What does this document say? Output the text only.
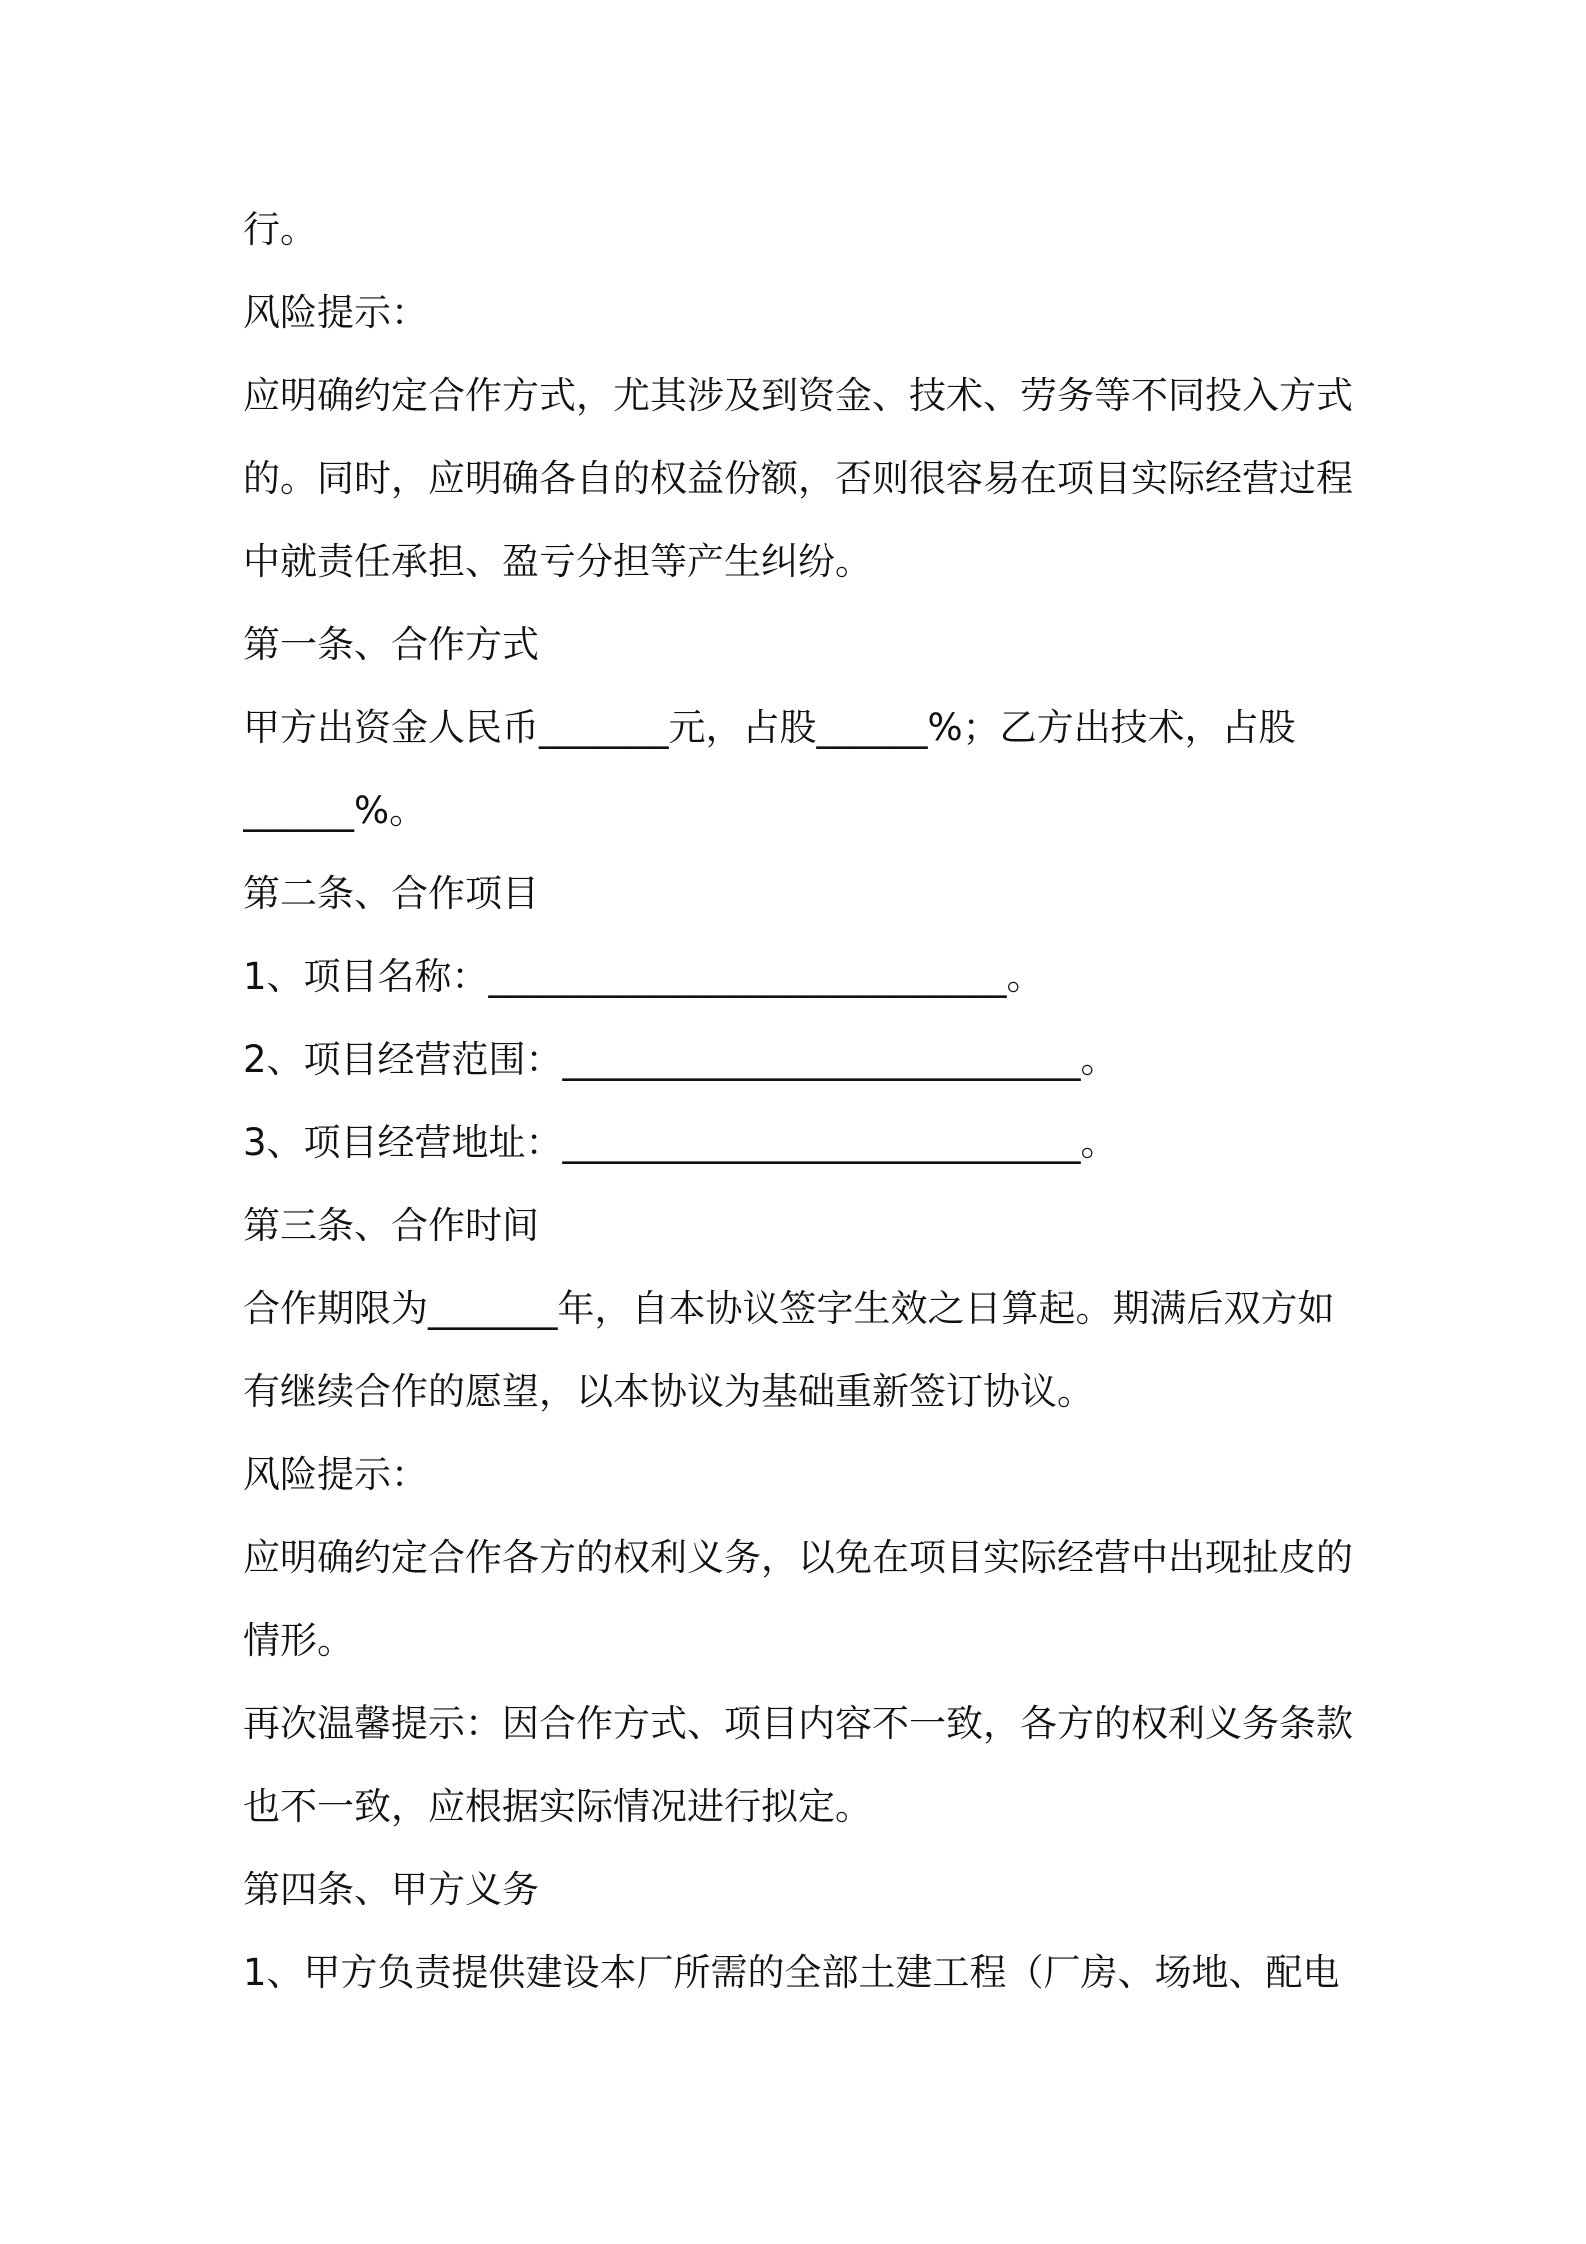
行。
风险提示：
应明确约定合作方式，尤其涉及到资金、技术、劳务等不同投入方式
的。同时，应明确各自的权益份额，否则很容易在项目实际经营过程
中就责任承担、盈亏分担等产生纠纷。
第一条、合作方式
甲方出资金人民币_______元，占股______%；乙方出技术，占股
______%。
第二条、合作项目
1、项目名称：____________________________。
2、项目经营范围：____________________________。
3、项目经营地址：____________________________。
第三条、合作时间
合作期限为_______年，自本协议签字生效之日算起。期满后双方如
有继续合作的愿望，以本协议为基础重新签订协议。
风险提示：
应明确约定合作各方的权利义务，以免在项目实际经营中出现扯皮的
情形。
再次温馨提示：因合作方式、项目内容不一致，各方的权利义务条款
也不一致，应根据实际情况进行拟定。
第四条、甲方义务
1、甲方负责提供建设本厂所需的全部土建工程（厂房、场地、配电
